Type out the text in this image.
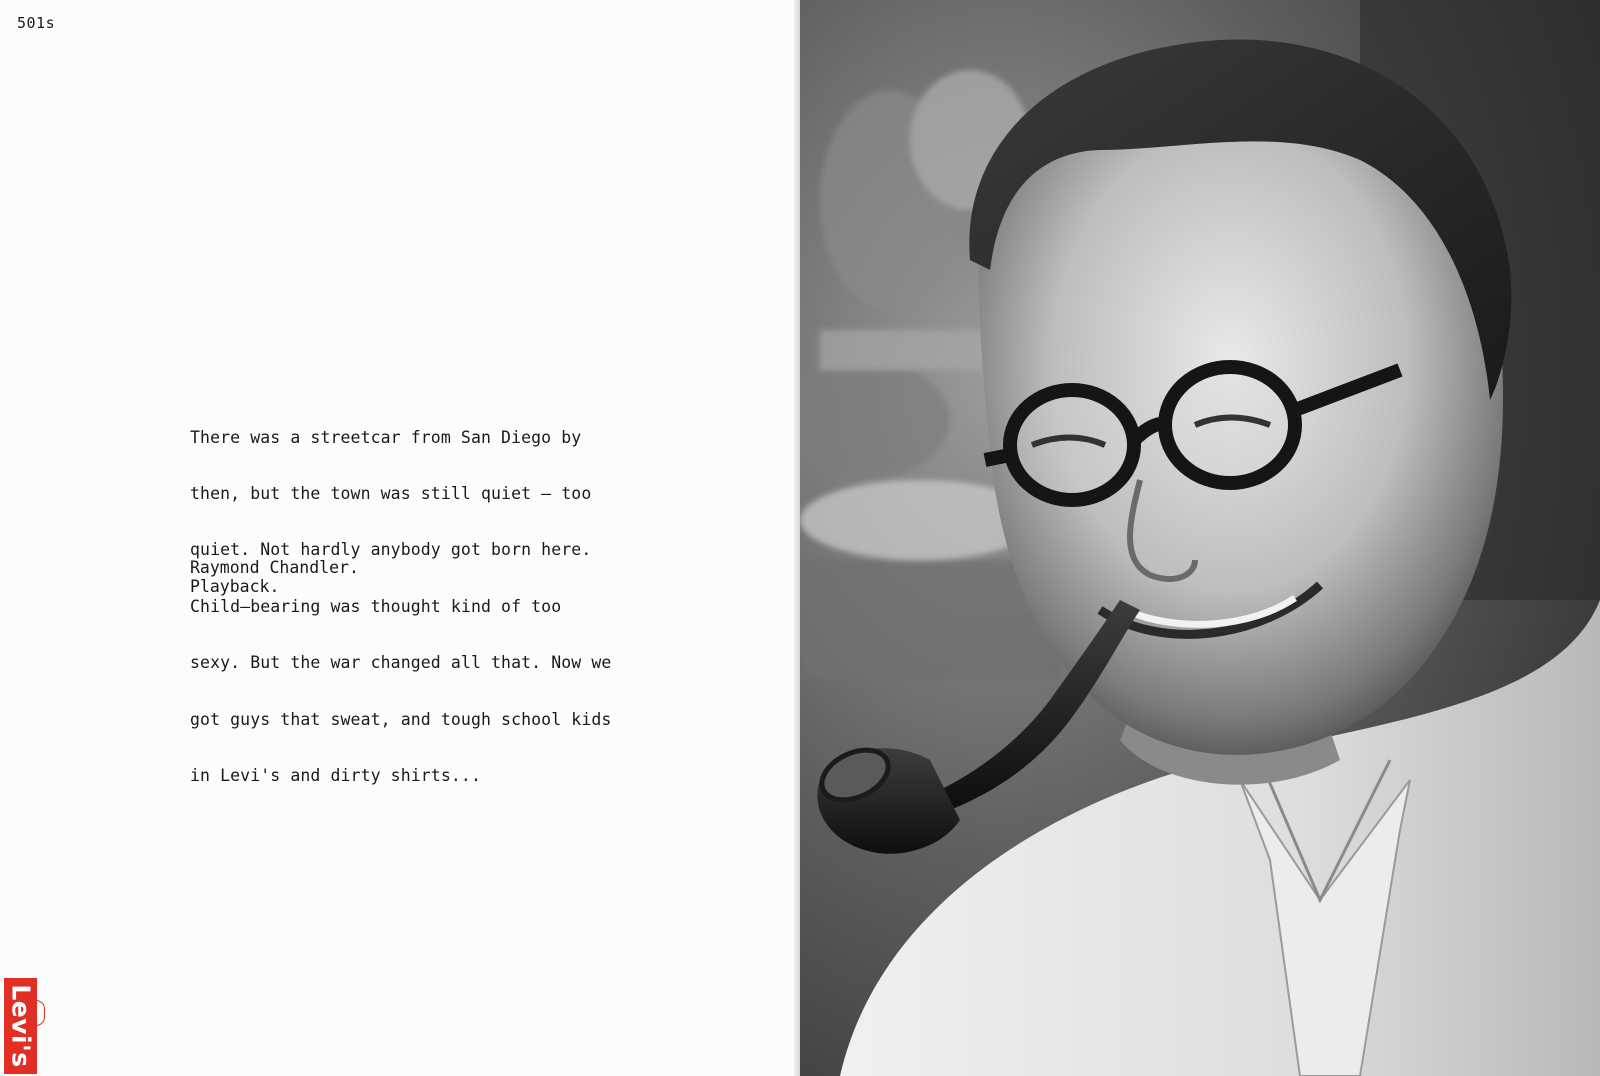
501s

There was a streetcar from San Diego by

then, but the town was still quiet – too

quiet. Not hardly anybody got born here.

Child–bearing was thought kind of too

sexy. But the war changed all that. Now we

got guys that sweat, and tough school kids

in Levi's and dirty shirts...

Raymond Chandler.
Playback.
Levi's
